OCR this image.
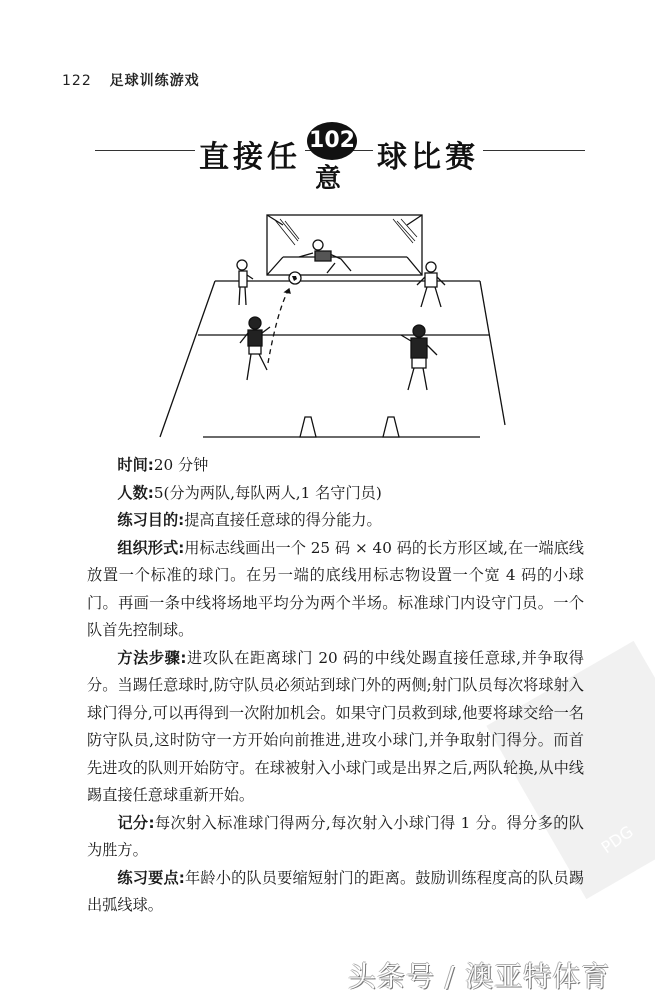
122 足球训练游戏
直接任 102
意
球比赛
PDG

时间:20 分钟

人数:5(分为两队,每队两人,1 名守门员)

练习目的:提高直接任意球的得分能力。

组织形式:用标志线画出一个 25 码 × 40 码的长方形区域,在一端底线放置一个标准的球门。在另一端的底线用标志物设置一个宽 4 码的小球门。再画一条中线将场地平均分为两个半场。标准球门内设守门员。一个队首先控制球。

方法步骤:进攻队在距离球门 20 码的中线处踢直接任意球,并争取得分。当踢任意球时,防守队员必须站到球门外的两侧;射门队员每次将球射入球门得分,可以再得到一次附加机会。如果守门员救到球,他要将球交给一名防守队员,这时防守一方开始向前推进,进攻小球门,并争取射门得分。而首先进攻的队则开始防守。在球被射入小球门或是出界之后,两队轮换,从中线踢直接任意球重新开始。

记分:每次射入标准球门得两分,每次射入小球门得 1 分。得分多的队为胜方。

练习要点:年龄小的队员要缩短射门的距离。鼓励训练程度高的队员踢出弧线球。

头条号 / 澳亚特体育
